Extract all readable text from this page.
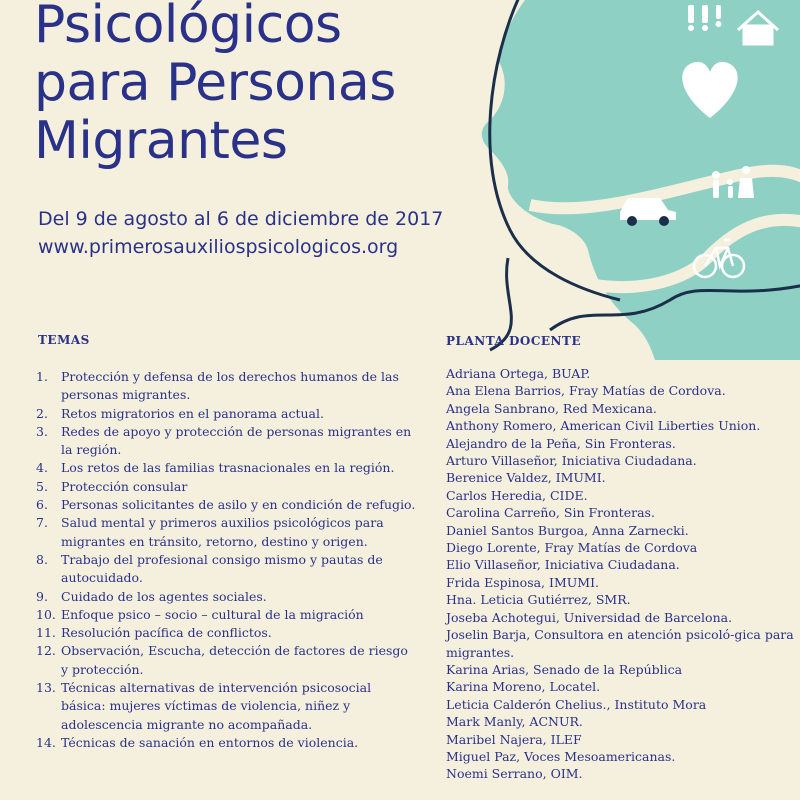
Psicológicos
para Personas
Migrantes
Del 9 de agosto al 6 de diciembre de 2017
www.primerosauxiliospsicologicos.org
TEMAS
1.	Protección y defensa de los derechos humanos de las personas migrantes.
2.	Retos migratorios en el panorama actual.
3.	Redes de apoyo y protección de personas migrantes en la región.
4.	Los retos de las familias trasnacionales en la región.
5.	Protección consular
6.	Personas solicitantes de asilo y en condición de refugio.
7.	Salud mental y primeros auxilios psicológicos para migrantes en tránsito, retorno, destino y origen.
8.	Trabajo del profesional consigo mismo y pautas de autocuidado.
9.	Cuidado de los agentes sociales.
10. Enfoque psico – socio – cultural de la migración
11. Resolución pacífica de conflictos.
12. Observación, Escucha, detección de factores de riesgo y protección.
13. Técnicas alternativas de intervención psicosocial básica: mujeres víctimas de violencia, niñez y adolescencia migrante no acompañada.
14. Técnicas de sanación en entornos de violencia.
PLANTA DOCENTE
Adriana Ortega, BUAP.
Ana Elena Barrios, Fray Matías de Cordova.
Angela Sanbrano, Red Mexicana.
Anthony Romero, American Civil Liberties Union.
Alejandro de la Peña, Sin Fronteras.
Arturo Villaseñor, Iniciativa Ciudadana.
Berenice Valdez, IMUMI.
Carlos Heredia, CIDE.
Carolina Carreño, Sin Fronteras.
Daniel Santos Burgoa, Anna Zarnecki.
Diego Lorente, Fray Matías de Cordova
Elio Villaseñor, Iniciativa Ciudadana.
Frida Espinosa, IMUMI.
Hna. Leticia Gutiérrez, SMR.
Joseba Achotegui, Universidad de Barcelona.
Joselin Barja, Consultora en atención psicoló-gica para migrantes.
Karina Arias, Senado de la República
Karina Moreno, Locatel.
Leticia Calderón Chelius., Instituto Mora
Mark Manly, ACNUR.
Maribel Najera, ILEF
Miguel Paz, Voces Mesoamericanas.
Noemi Serrano, OIM.
